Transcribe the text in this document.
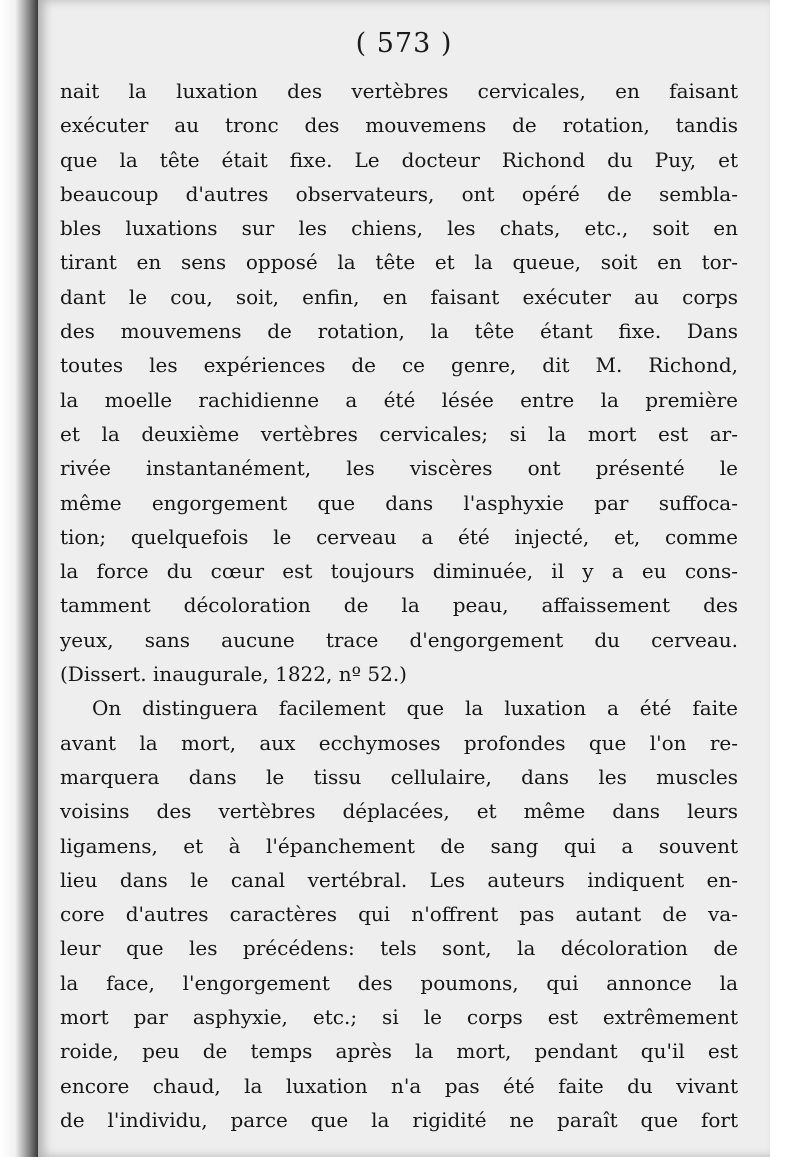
( 573 )
nait la luxation des vertèbres cervicales, en faisant
exécuter au tronc des mouvemens de rotation, tandis
que la tête était fixe. Le docteur Richond du Puy, et
beaucoup d'autres observateurs, ont opéré de sembla-
bles luxations sur les chiens, les chats, etc., soit en
tirant en sens opposé la tête et la queue, soit en tor-
dant le cou, soit, enfin, en faisant exécuter au corps
des mouvemens de rotation, la tête étant fixe. Dans
toutes les expériences de ce genre, dit M. Richond,
la moelle rachidienne a été lésée entre la première
et la deuxième vertèbres cervicales; si la mort est ar-
rivée instantanément, les viscères ont présenté le
même engorgement que dans l'asphyxie par suffoca-
tion; quelquefois le cerveau a été injecté, et, comme
la force du cœur est toujours diminuée, il y a eu cons-
tamment décoloration de la peau, affaissement des
yeux, sans aucune trace d'engorgement du cerveau.
(Dissert. inaugurale, 1822, nº 52.)
On distinguera facilement que la luxation a été faite
avant la mort, aux ecchymoses profondes que l'on re-
marquera dans le tissu cellulaire, dans les muscles
voisins des vertèbres déplacées, et même dans leurs
ligamens, et à l'épanchement de sang qui a souvent
lieu dans le canal vertébral. Les auteurs indiquent en-
core d'autres caractères qui n'offrent pas autant de va-
leur que les précédens: tels sont, la décoloration de
la face, l'engorgement des poumons, qui annonce la
mort par asphyxie, etc.; si le corps est extrêmement
roide, peu de temps après la mort, pendant qu'il est
encore chaud, la luxation n'a pas été faite du vivant
de l'individu, parce que la rigidité ne paraît que fort
